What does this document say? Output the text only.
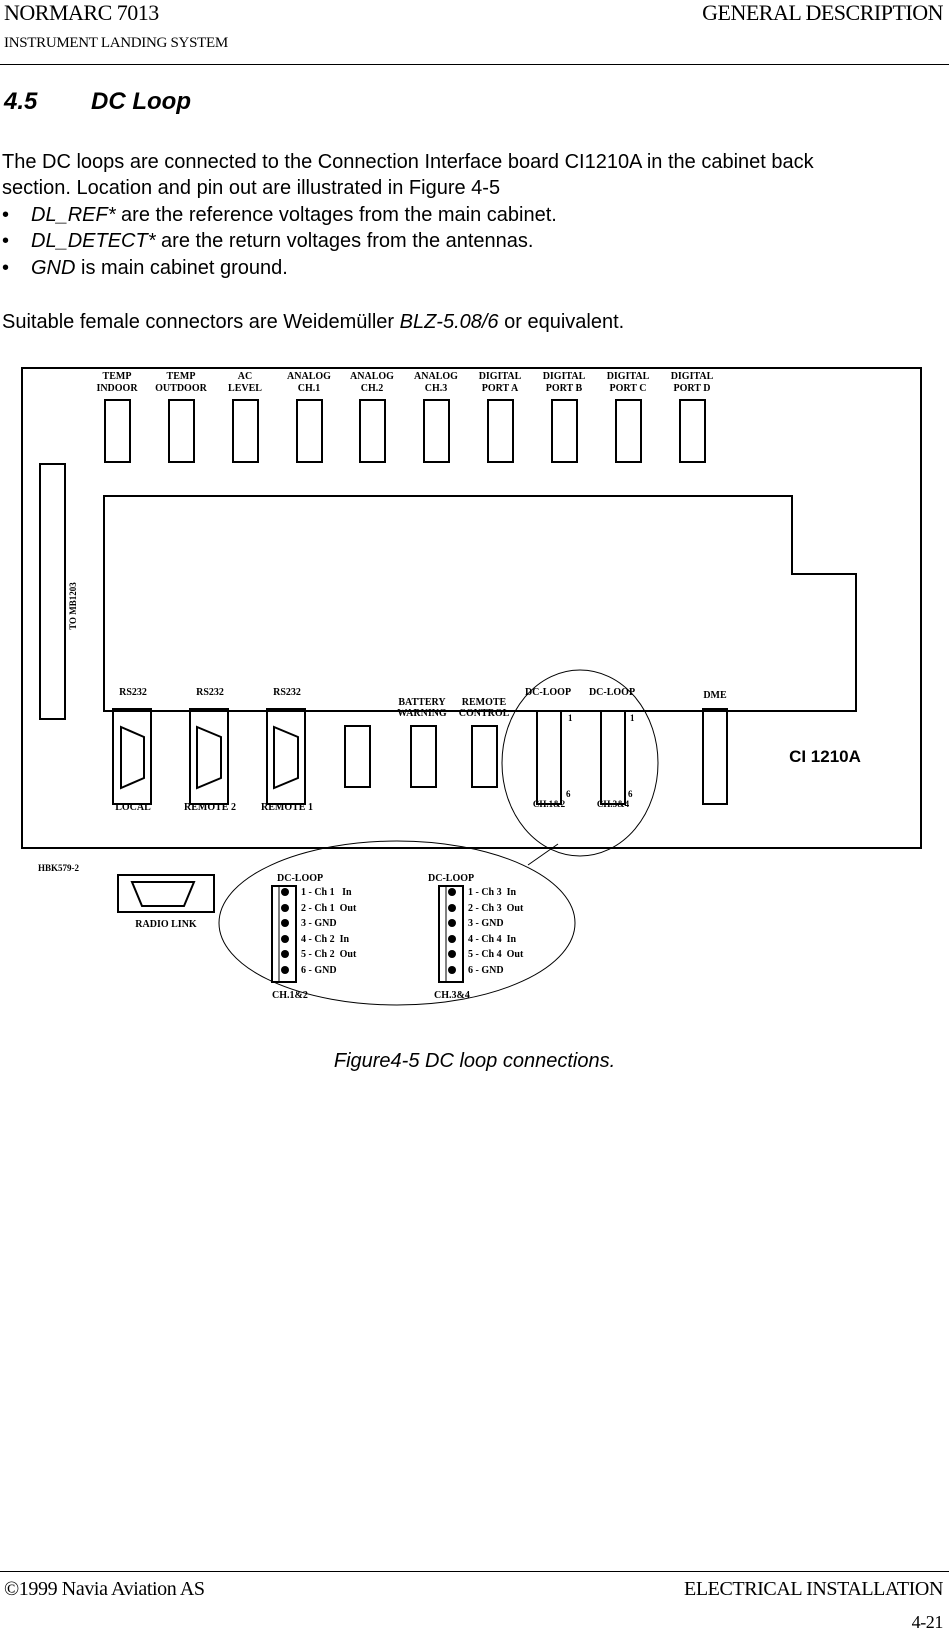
NORMARC 7013
INSTRUMENT LANDING SYSTEM
GENERAL DESCRIPTION
4.5 DC Loop
The DC loops are connected to the Connection Interface board CI1210A in the cabinet back
section. Location and pin out are illustrated in Figure 4-5
• DL_REF* are the reference voltages from the main cabinet.
• DL_DETECT* are the return voltages from the antennas.
• GND is main cabinet ground.
Suitable female connectors are Weidemüller BLZ-5.08/6 or equivalent.
TEMP
INDOOR
TEMP
OUTDOOR
AC
LEVEL
ANALOG
CH.1
ANALOG
CH.2
ANALOG
CH.3
DIGITAL
PORT A
DIGITAL
PORT B
DIGITAL
PORT C
DIGITAL
PORT D
TO MB1203
RS232	RS232	RS232
LOCAL	REMOTE 2	REMOTE 1
BATTERY
WARNING
REMOTE
CONTROL
DC-LOOP DC-LOOP
1
6
1
6
CH.1&2	CH.3&4
DME
CI 1210A
HBK579-2
RADIO LINK
DC-LOOP
CH.1&2
1 - Ch 1   In
2 - Ch 1  Out
3 - GND
4 - Ch 2  In
5 - Ch 2  Out
6 - GND
DC-LOOP
CH.3&4
1 - Ch 3  In
2 - Ch 3  Out
3 - GND
4 - Ch 4  In
5 - Ch 4  Out
6 - GND
Figure4-5 DC loop connections.
©1999 Navia Aviation AS	ELECTRICAL INSTALLATION
4-21
